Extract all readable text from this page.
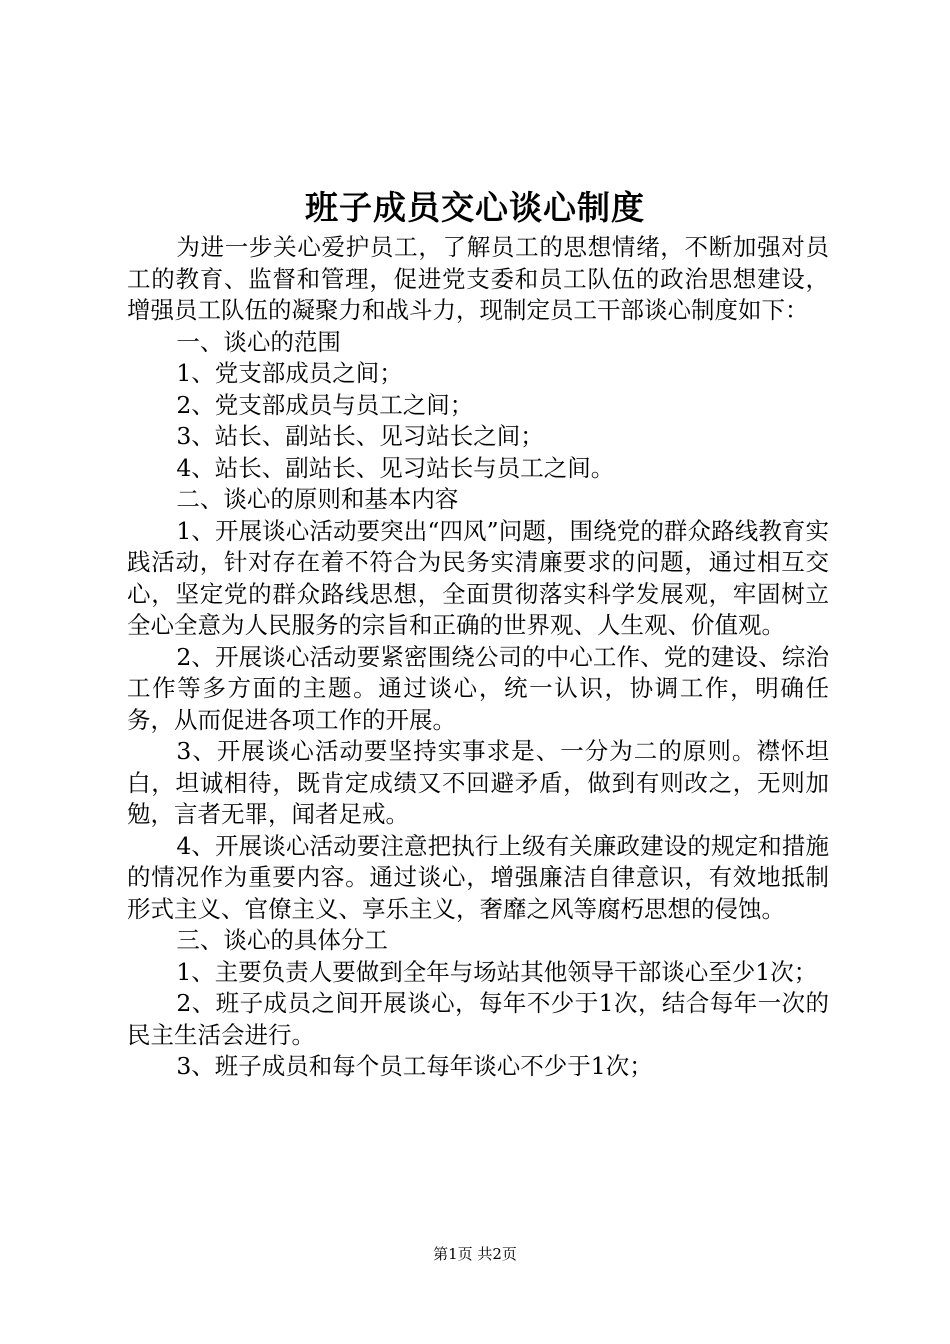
班子成员交心谈心制度

为进一步关心爱护员工，了解员工的思想情绪，不断加强对员工的教育、监督和管理，促进党支委和员工队伍的政治思想建设，增强员工队伍的凝聚力和战斗力，现制定员工干部谈心制度如下：

一、谈心的范围

1、党支部成员之间；

2、党支部成员与员工之间；

3、站长、副站长、见习站长之间；

4、站长、副站长、见习站长与员工之间。

二、谈心的原则和基本内容

1、开展谈心活动要突出“四风”问题，围绕党的群众路线教育实践活动，针对存在着不符合为民务实清廉要求的问题，通过相互交心，坚定党的群众路线思想，全面贯彻落实科学发展观，牢固树立全心全意为人民服务的宗旨和正确的世界观、人生观、价值观。

2、开展谈心活动要紧密围绕公司的中心工作、党的建设、综治工作等多方面的主题。通过谈心，统一认识，协调工作，明确任务，从而促进各项工作的开展。

3、开展谈心活动要坚持实事求是、一分为二的原则。襟怀坦白，坦诚相待，既肯定成绩又不回避矛盾，做到有则改之，无则加勉，言者无罪，闻者足戒。

4、开展谈心活动要注意把执行上级有关廉政建设的规定和措施的情况作为重要内容。通过谈心，增强廉洁自律意识，有效地抵制形式主义、官僚主义、享乐主义，奢靡之风等腐朽思想的侵蚀。

三、谈心的具体分工

1、主要负责人要做到全年与场站其他领导干部谈心至少1次；

2、班子成员之间开展谈心，每年不少于1次，结合每年一次的民主生活会进行。

3、班子成员和每个员工每年谈心不少于1次；

第1页 共2页
